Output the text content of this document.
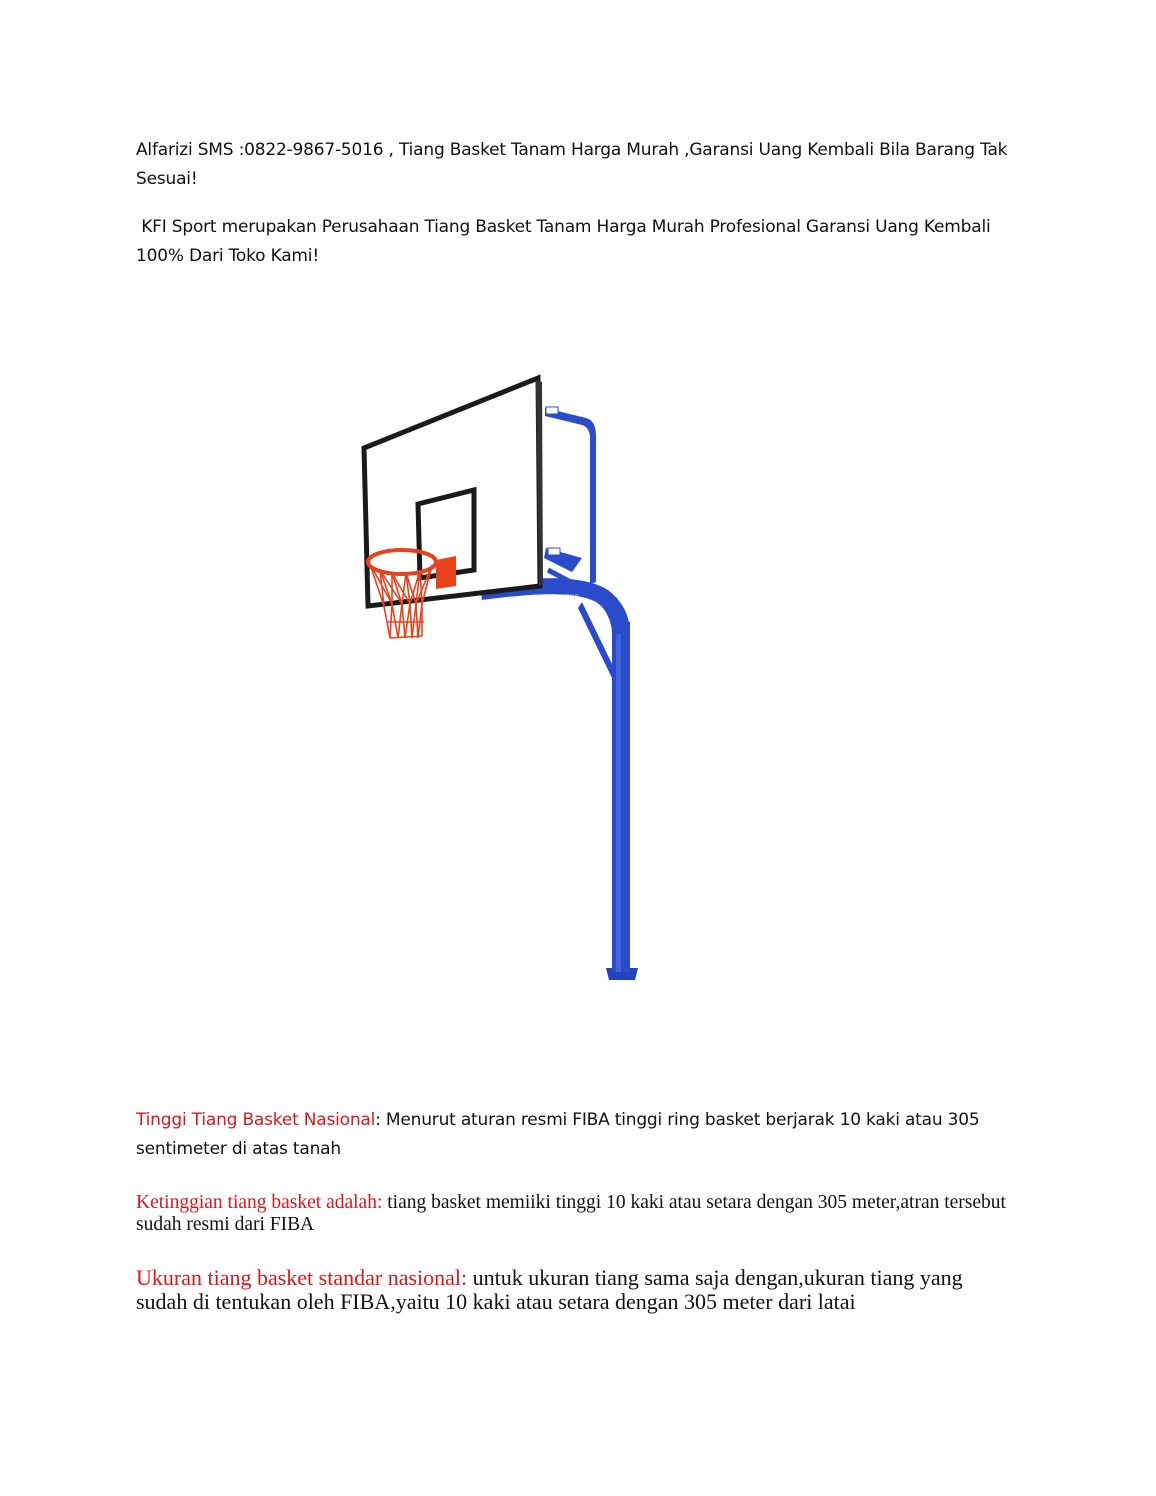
Alfarizi SMS :0822-9867-5016 , Tiang Basket Tanam Harga Murah ,Garansi Uang Kembali Bila Barang Tak Sesuai!

KFI Sport merupakan Perusahaan Tiang Basket Tanam Harga Murah Profesional Garansi Uang Kembali 100% Dari Toko Kami!

DKC

Tinggi Tiang Basket Nasional: Menurut aturan resmi FIBA tinggi ring basket berjarak 10 kaki atau 305 sentimeter di atas tanah

Ketinggian tiang basket adalah: tiang basket memiiki tinggi 10 kaki atau setara dengan 305 meter,atran tersebut sudah resmi dari FIBA

Ukuran tiang basket standar nasional: untuk ukuran tiang sama saja dengan,ukuran tiang yang sudah di tentukan oleh FIBA,yaitu 10 kaki atau setara dengan 305 meter dari latai
